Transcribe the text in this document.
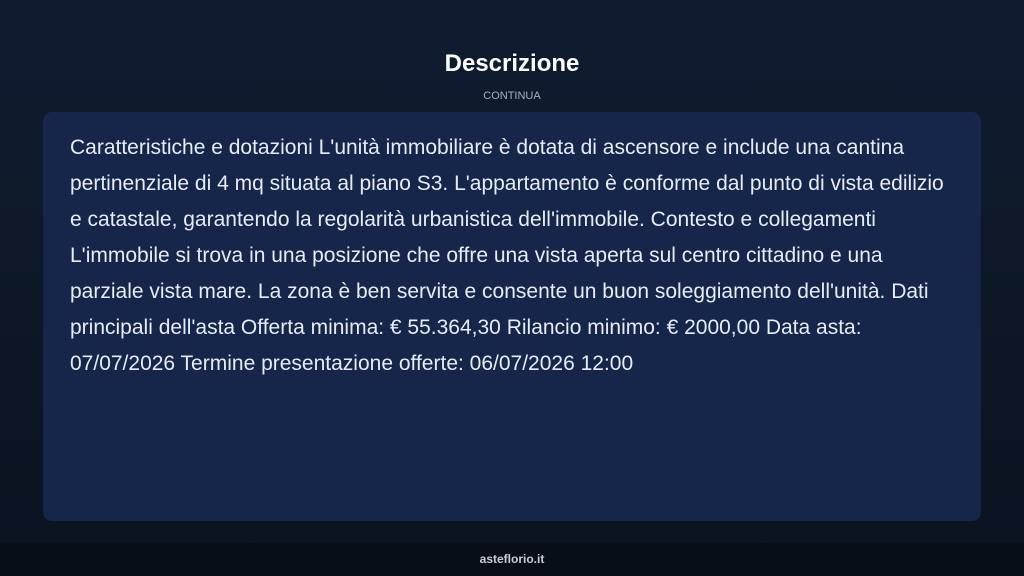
Descrizione
CONTINUA

Caratteristiche e dotazioni L'unità immobiliare è dotata di ascensore e include una cantina pertinenziale di 4 mq situata al piano S3. L'appartamento è conforme dal punto di vista edilizio e catastale, garantendo la regolarità urbanistica dell'immobile. Contesto e collegamenti L'immobile si trova in una posizione che offre una vista aperta sul centro cittadino e una parziale vista mare. La zona è ben servita e consente un buon soleggiamento dell'unità. Dati principali dell'asta Offerta minima: € 55.364,30 Rilancio minimo: € 2000,00 Data asta: 07/07/2026 Termine presentazione offerte: 06/07/2026 12:00

asteflorio.it
